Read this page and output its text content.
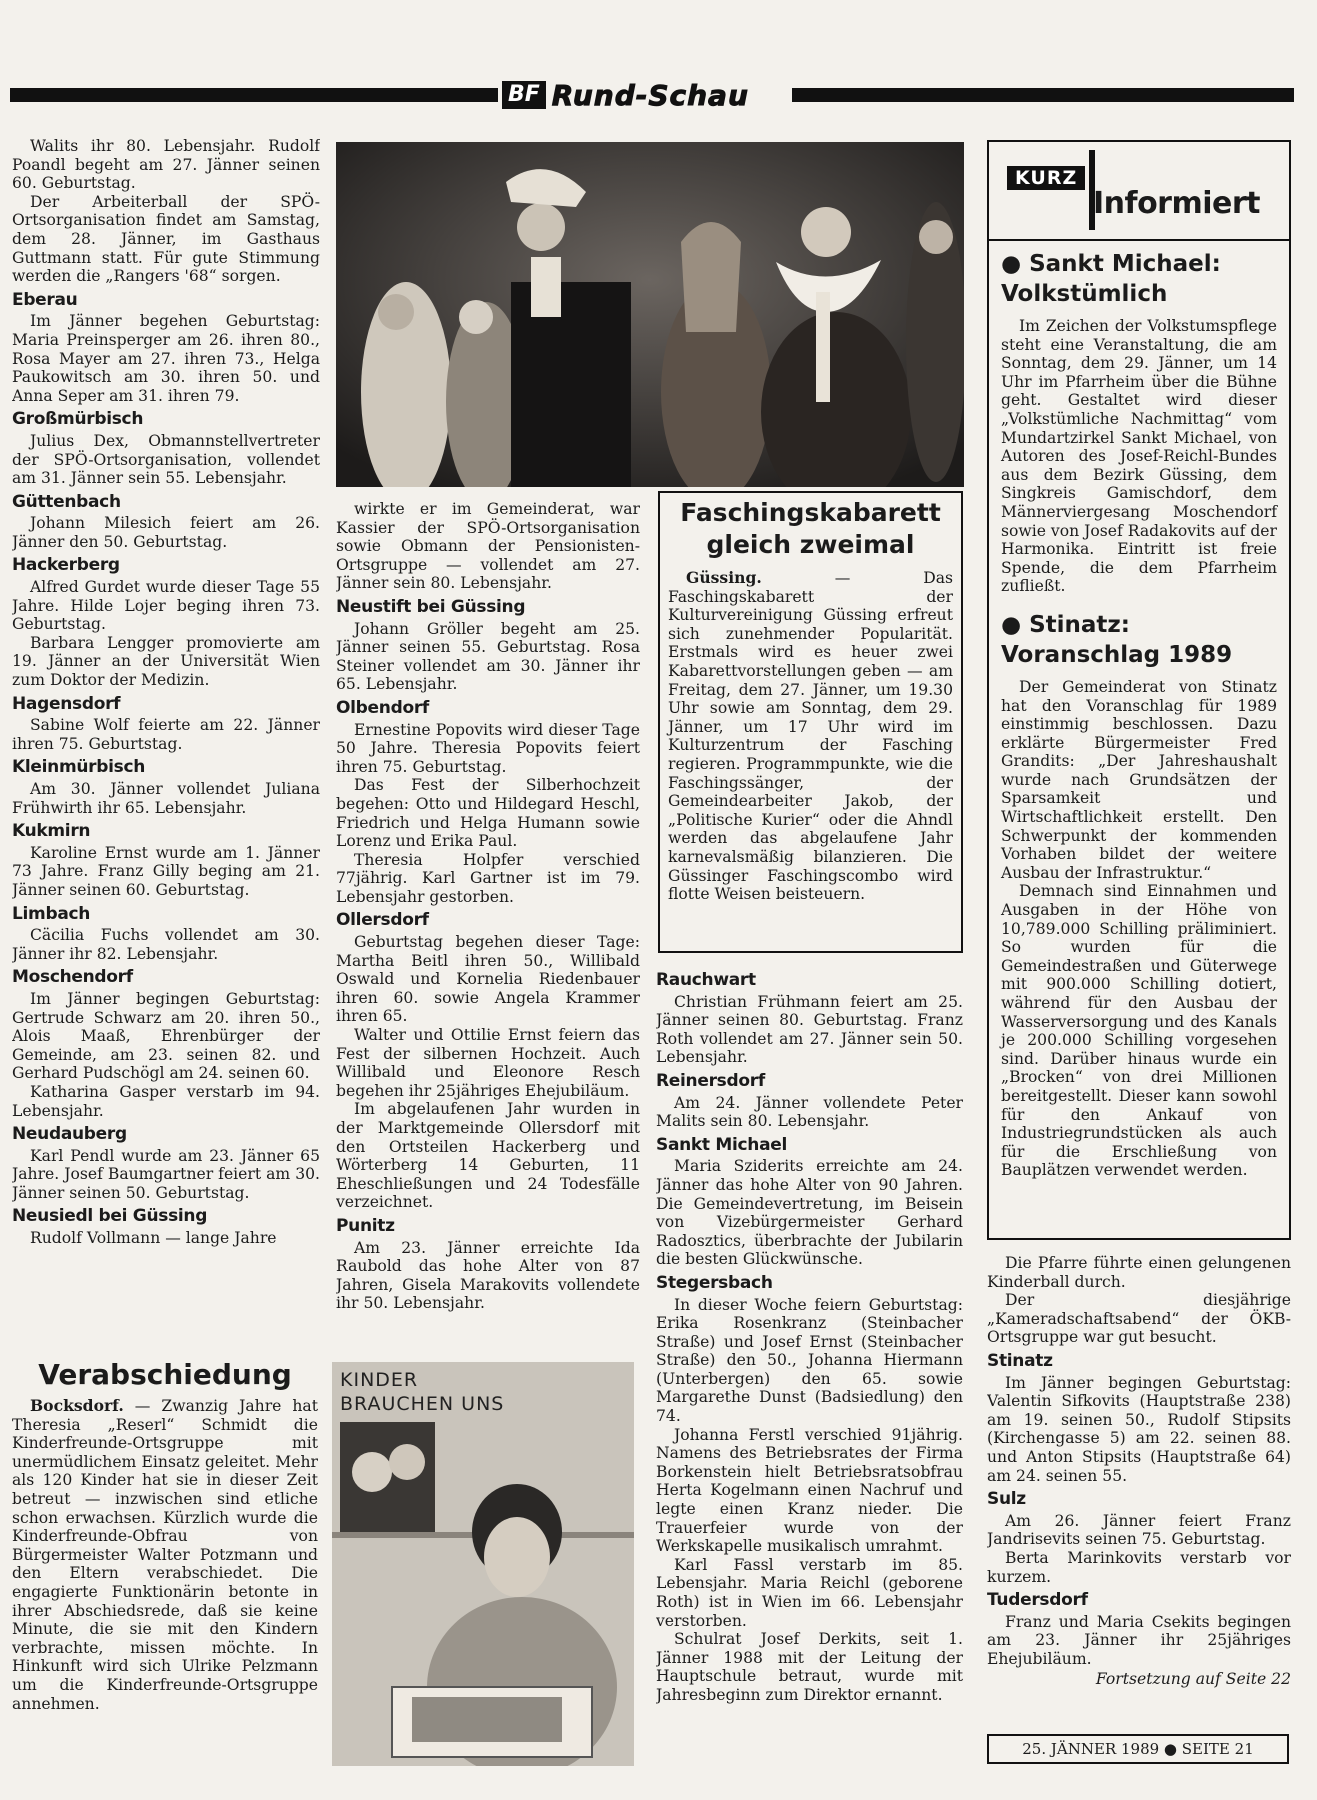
BF Rund-Schau

Walits ihr 80. Lebensjahr. Rudolf Poandl begeht am 27. Jänner seinen 60. Geburtstag.

Der Arbeiterball der SPÖ-Ortsorganisation findet am Samstag, dem 28. Jänner, im Gasthaus Guttmann statt. Für gute Stimmung werden die „Rangers '68“ sorgen.

Eberau

Im Jänner begehen Geburtstag: Maria Preinsperger am 26. ihren 80., Rosa Mayer am 27. ihren 73., Helga Paukowitsch am 30. ihren 50. und Anna Seper am 31. ihren 79.

Großmürbisch

Julius Dex, Obmannstellvertreter der SPÖ-Ortsorganisation, vollendet am 31. Jänner sein 55. Lebensjahr.

Güttenbach

Johann Milesich feiert am 26. Jänner den 50. Geburtstag.

Hackerberg

Alfred Gurdet wurde dieser Tage 55 Jahre. Hilde Lojer beging ihren 73. Geburtstag.

Barbara Lengger promovierte am 19. Jänner an der Universität Wien zum Doktor der Medizin.

Hagensdorf

Sabine Wolf feierte am 22. Jänner ihren 75. Geburtstag.

Kleinmürbisch

Am 30. Jänner vollendet Juliana Frühwirth ihr 65. Lebensjahr.

Kukmirn

Karoline Ernst wurde am 1. Jänner 73 Jahre. Franz Gilly beging am 21. Jänner seinen 60. Geburtstag.

Limbach

Cäcilia Fuchs vollendet am 30. Jänner ihr 82. Lebensjahr.

Moschendorf

Im Jänner begingen Geburtstag: Gertrude Schwarz am 20. ihren 50., Alois Maaß, Ehrenbürger der Gemeinde, am 23. seinen 82. und Gerhard Pudschögl am 24. seinen 60.

Katharina Gasper verstarb im 94. Lebensjahr.

Neudauberg

Karl Pendl wurde am 23. Jänner 65 Jahre. Josef Baumgartner feiert am 30. Jänner seinen 50. Geburtstag.

Neusiedl bei Güssing

Rudolf Vollmann — lange Jahre

wirkte er im Gemeinderat, war Kassier der SPÖ-Ortsorganisation sowie Obmann der Pensionisten-Ortsgruppe — vollendet am 27. Jänner sein 80. Lebensjahr.

Neustift bei Güssing

Johann Gröller begeht am 25. Jänner seinen 55. Geburtstag. Rosa Steiner vollendet am 30. Jänner ihr 65. Lebensjahr.

Olbendorf

Ernestine Popovits wird dieser Tage 50 Jahre. Theresia Popovits feiert ihren 75. Geburtstag.

Das Fest der Silberhochzeit begehen: Otto und Hildegard Heschl, Friedrich und Helga Humann sowie Lorenz und Erika Paul.

Theresia Holpfer verschied 77jährig. Karl Gartner ist im 79. Lebensjahr gestorben.

Ollersdorf

Geburtstag begehen dieser Tage: Martha Beitl ihren 50., Willibald Oswald und Kornelia Riedenbauer ihren 60. sowie Angela Krammer ihren 65.

Walter und Ottilie Ernst feiern das Fest der silbernen Hochzeit. Auch Willibald und Eleonore Resch begehen ihr 25jähriges Ehejubiläum.

Im abgelaufenen Jahr wurden in der Marktgemeinde Ollersdorf mit den Ortsteilen Hackerberg und Wörterberg 14 Geburten, 11 Eheschließungen und 24 Todesfälle verzeichnet.

Punitz

Am 23. Jänner erreichte Ida Raubold das hohe Alter von 87 Jahren, Gisela Marakovits vollendete ihr 50. Lebensjahr.

Faschingskabarett gleich zweimal

Güssing. — Das Faschingskabarett der Kulturvereinigung Güssing erfreut sich zunehmender Popularität. Erstmals wird es heuer zwei Kabarettvorstellungen geben — am Freitag, dem 27. Jänner, um 19.30 Uhr sowie am Sonntag, dem 29. Jänner, um 17 Uhr wird im Kulturzentrum der Fasching regieren. Programmpunkte, wie die Faschingssänger, der Gemeindearbeiter Jakob, der „Politische Kurier“ oder die Ahndl werden das abgelaufene Jahr karnevalsmäßig bilanzieren. Die Güssinger Faschingscombo wird flotte Weisen beisteuern.

Rauchwart

Christian Frühmann feiert am 25. Jänner seinen 80. Geburtstag. Franz Roth vollendet am 27. Jänner sein 50. Lebensjahr.

Reinersdorf

Am 24. Jänner vollendete Peter Malits sein 80. Lebensjahr.

Sankt Michael

Maria Sziderits erreichte am 24. Jänner das hohe Alter von 90 Jahren. Die Gemeindevertretung, im Beisein von Vizebürgermeister Gerhard Radosztics, überbrachte der Jubilarin die besten Glückwünsche.

Stegersbach

In dieser Woche feiern Geburtstag: Erika Rosenkranz (Steinbacher Straße) und Josef Ernst (Steinbacher Straße) den 50., Johanna Hiermann (Unterbergen) den 65. sowie Margarethe Dunst (Badsiedlung) den 74.

Johanna Ferstl verschied 91jährig. Namens des Betriebsrates der Firma Borkenstein hielt Betriebsratsobfrau Herta Kogelmann einen Nachruf und legte einen Kranz nieder. Die Trauerfeier wurde von der Werkskapelle musikalisch umrahmt.

Karl Fassl verstarb im 85. Lebensjahr. Maria Reichl (geborene Roth) ist in Wien im 66. Lebensjahr verstorben.

Schulrat Josef Derkits, seit 1. Jänner 1988 mit der Leitung der Hauptschule betraut, wurde mit Jahresbeginn zum Direktor ernannt.

Verabschiedung

Bocksdorf. — Zwanzig Jahre hat Theresia „Reserl“ Schmidt die Kinderfreunde-Ortsgruppe mit unermüdlichem Einsatz geleitet. Mehr als 120 Kinder hat sie in dieser Zeit betreut — inzwischen sind etliche schon erwachsen. Kürzlich wurde die Kinderfreunde-Obfrau von Bürgermeister Walter Potzmann und den Eltern verabschiedet. Die engagierte Funktionärin betonte in ihrer Abschiedsrede, daß sie keine Minute, die sie mit den Kindern verbrachte, missen möchte. In Hinkunft wird sich Ulrike Pelzmann um die Kinderfreunde-Ortsgruppe annehmen.

KINDER BRAUCHEN UNS
KURZ
Informiert
● Sankt Michael: Volkstümlich

Im Zeichen der Volkstumspflege steht eine Veranstaltung, die am Sonntag, dem 29. Jänner, um 14 Uhr im Pfarrheim über die Bühne geht. Gestaltet wird dieser „Volkstümliche Nachmittag“ vom Mundartzirkel Sankt Michael, von Autoren des Josef-Reichl-Bundes aus dem Bezirk Güssing, dem Singkreis Gamischdorf, dem Männerviergesang Moschendorf sowie von Josef Radakovits auf der Harmonika. Eintritt ist freie Spende, die dem Pfarrheim zufließt.

● Stinatz: Voranschlag 1989

Der Gemeinderat von Stinatz hat den Voranschlag für 1989 einstimmig beschlossen. Dazu erklärte Bürgermeister Fred Grandits: „Der Jahreshaushalt wurde nach Grundsätzen der Sparsamkeit und Wirtschaftlichkeit erstellt. Den Schwerpunkt der kommenden Vorhaben bildet der weitere Ausbau der Infrastruktur.“

Demnach sind Einnahmen und Ausgaben in der Höhe von 10,789.000 Schilling präliminiert. So wurden für die Gemeindestraßen und Güterwege mit 900.000 Schilling dotiert, während für den Ausbau der Wasserversorgung und des Kanals je 200.000 Schilling vorgesehen sind. Darüber hinaus wurde ein „Brocken“ von drei Millionen bereitgestellt. Dieser kann sowohl für den Ankauf von Industriegrundstücken als auch für die Erschließung von Bauplätzen verwendet werden.

Die Pfarre führte einen gelungenen Kinderball durch.

Der diesjährige „Kameradschaftsabend“ der ÖKB-Ortsgruppe war gut besucht.

Stinatz

Im Jänner begingen Geburtstag: Valentin Sifkovits (Hauptstraße 238) am 19. seinen 50., Rudolf Stipsits (Kirchengasse 5) am 22. seinen 88. und Anton Stipsits (Hauptstraße 64) am 24. seinen 55.

Sulz

Am 26. Jänner feiert Franz Jandrisevits seinen 75. Geburtstag.

Berta Marinkovits verstarb vor kurzem.

Tudersdorf

Franz und Maria Csekits begingen am 23. Jänner ihr 25jähriges Ehejubiläum.

Fortsetzung auf Seite 22
25. JÄNNER 1989 ● SEITE 21
